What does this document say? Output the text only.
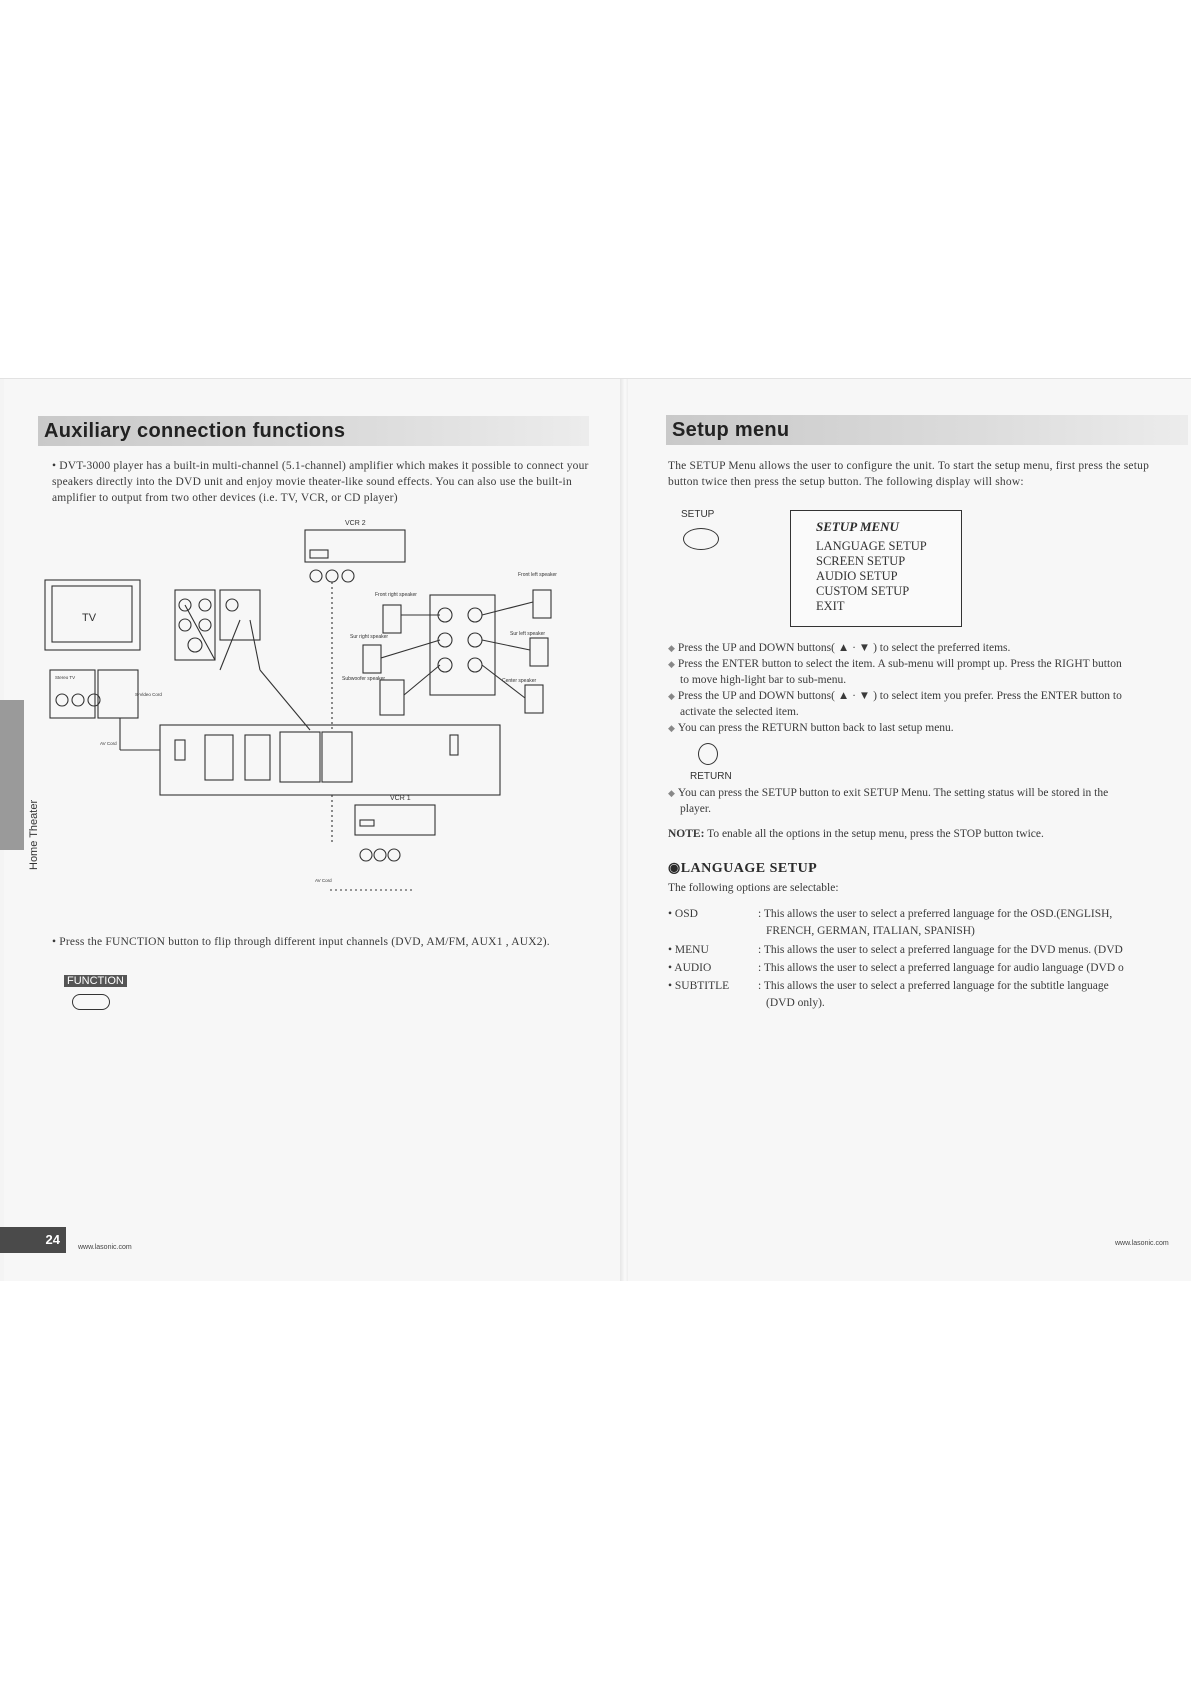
Auxiliary connection functions
• DVT-3000 player has a built-in multi-channel (5.1-channel) amplifier which makes it possible to connect your speakers directly into the DVD unit and enjoy movie theater-like sound effects. You can also use the built-in amplifier to output from two other devices (i.e. TV, VCR, or CD player)
VCR 2
TV
Front right speaker
Front left speaker
Sur right speaker	Sur left speaker
Subwoofer speaker	Center speaker
Stereo TV
S-Video Cord
AV Cord
VCR 1
AV Cord
• Press the FUNCTION button to flip through different input channels (DVD, AM/FM, AUX1 , AUX2).
FUNCTION
Home Theater
24
www.lasonic.com
Setup menu
The SETUP Menu allows the user to configure the unit. To start the setup menu, first press the setup button twice then press the setup button. The following display will show:
SETUP
SETUP MENU
LANGUAGE SETUP
SCREEN SETUP
AUDIO SETUP
CUSTOM SETUP
EXIT
◆ Press the UP and DOWN buttons( ▲ · ▼ ) to select the preferred items.
◆ Press the ENTER button to select the item. A sub-menu will prompt up. Press the RIGHT button
to move high-light bar to sub-menu.
◆ Press the UP and DOWN buttons( ▲ · ▼ ) to select item you prefer. Press the ENTER button to
activate the selected item.
◆ You can press the RETURN button back to last setup menu.
RETURN
◆ You can press the SETUP button to exit SETUP Menu. The setting status will be stored in the
player.
NOTE: To enable all the options in the setup menu, press the STOP button twice.
◉LANGUAGE SETUP
The following options are selectable:
• OSD	: This allows the user to select a preferred language for the OSD.(ENGLISH,
FRENCH, GERMAN, ITALIAN, SPANISH)
• MENU	: This allows the user to select a preferred language for the DVD menus. (DVD
• AUDIO	: This allows the user to select a preferred language for audio language (DVD o
• SUBTITLE	: This allows the user to select a preferred language for the subtitle language
(DVD only).
www.lasonic.com
